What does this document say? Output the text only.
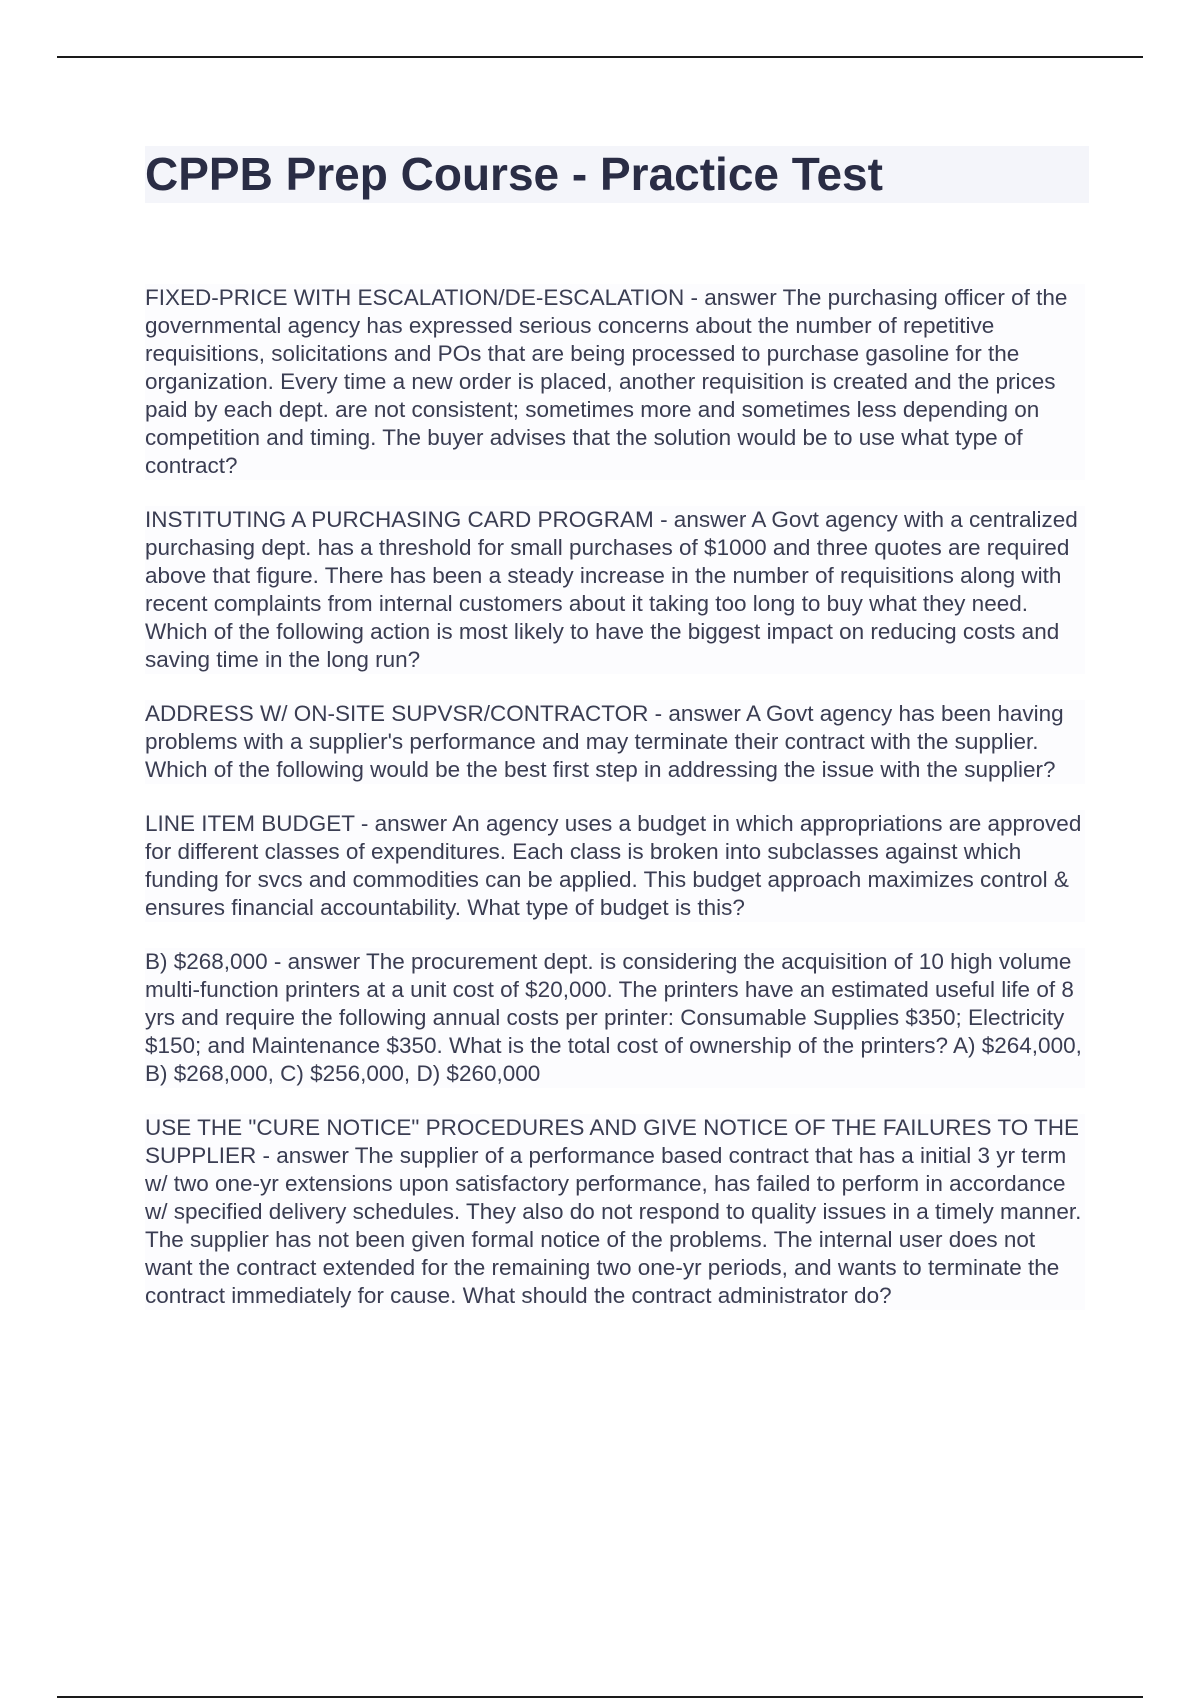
CPPB Prep Course - Practice Test

FIXED-PRICE WITH ESCALATION/DE-ESCALATION - answer The purchasing officer of the governmental agency has expressed serious concerns about the number of repetitive requisitions, solicitations and POs that are being processed to purchase gasoline for the organization. Every time a new order is placed, another requisition is created and the prices paid by each dept. are not consistent; sometimes more and sometimes less depending on competition and timing. The buyer advises that the solution would be to use what type of contract?

INSTITUTING A PURCHASING CARD PROGRAM - answer A Govt agency with a centralized purchasing dept. has a threshold for small purchases of $1000 and three quotes are required above that figure. There has been a steady increase in the number of requisitions along with recent complaints from internal customers about it taking too long to buy what they need. Which of the following action is most likely to have the biggest impact on reducing costs and saving time in the long run?

ADDRESS W/ ON-SITE SUPVSR/CONTRACTOR - answer A Govt agency has been having problems with a supplier's performance and may terminate their contract with the supplier. Which of the following would be the best first step in addressing the issue with the supplier?

LINE ITEM BUDGET - answer An agency uses a budget in which appropriations are approved for different classes of expenditures. Each class is broken into subclasses against which funding for svcs and commodities can be applied. This budget approach maximizes control & ensures financial accountability. What type of budget is this?

B) $268,000 - answer The procurement dept. is considering the acquisition of 10 high volume multi-function printers at a unit cost of $20,000. The printers have an estimated useful life of 8 yrs and require the following annual costs per printer: Consumable Supplies $350; Electricity $150; and Maintenance $350. What is the total cost of ownership of the printers? A) $264,000, B) $268,000, C) $256,000, D) $260,000

USE THE "CURE NOTICE" PROCEDURES AND GIVE NOTICE OF THE FAILURES TO THE SUPPLIER - answer The supplier of a performance based contract that has a initial 3 yr term w/ two one-yr extensions upon satisfactory performance, has failed to perform in accordance w/ specified delivery schedules. They also do not respond to quality issues in a timely manner. The supplier has not been given formal notice of the problems. The internal user does not want the contract extended for the remaining two one-yr periods, and wants to terminate the contract immediately for cause. What should the contract administrator do?
